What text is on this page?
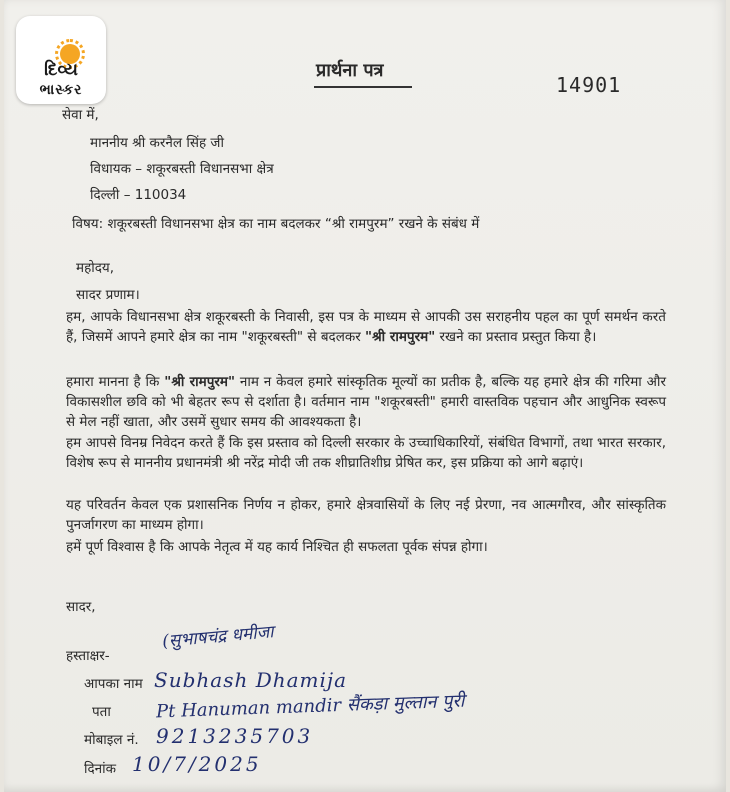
દિવ્ય
ભાસ્કર
प्रार्थना पत्र
14901
सेवा में,
माननीय श्री करनैल सिंह जी
विधायक – शकूरबस्ती विधानसभा क्षेत्र
दिल्ली – 110034
विषय: शकूरबस्ती विधानसभा क्षेत्र का नाम बदलकर “श्री रामपुरम” रखने के संबंध में
महोदय,
सादर प्रणाम।
हम, आपके विधानसभा क्षेत्र शकूरबस्ती के निवासी, इस पत्र के माध्यम से आपकी उस सराहनीय पहल का पूर्ण समर्थन करते हैं, जिसमें आपने हमारे क्षेत्र का नाम "शकूरबस्ती" से बदलकर "श्री रामपुरम" रखने का प्रस्ताव प्रस्तुत किया है।
हमारा मानना है कि "श्री रामपुरम" नाम न केवल हमारे सांस्कृतिक मूल्यों का प्रतीक है, बल्कि यह हमारे क्षेत्र की गरिमा और विकासशील छवि को भी बेहतर रूप से दर्शाता है। वर्तमान नाम "शकूरबस्ती" हमारी वास्तविक पहचान और आधुनिक स्वरूप से मेल नहीं खाता, और उसमें सुधार समय की आवश्यकता है।
हम आपसे विनम्र निवेदन करते हैं कि इस प्रस्ताव को दिल्ली सरकार के उच्चाधिकारियों, संबंधित विभागों, तथा भारत सरकार, विशेष रूप से माननीय प्रधानमंत्री श्री नरेंद्र मोदी जी तक शीघ्रातिशीघ्र प्रेषित कर, इस प्रक्रिया को आगे बढ़ाएं।
यह परिवर्तन केवल एक प्रशासनिक निर्णय न होकर, हमारे क्षेत्रवासियों के लिए नई प्रेरणा, नव आत्मगौरव, और सांस्कृतिक पुनर्जागरण का माध्यम होगा।
हमें पूर्ण विश्वास है कि आपके नेतृत्व में यह कार्य निश्चित ही सफलता पूर्वक संपन्न होगा।
सादर,
हस्ताक्षर-
आपका नाम
पता
मोबाइल नं.
दिनांक
(सुभाषचंद्र धमीजा
Subhash Dhamija
Pt Hanuman mandir सैंकड़ा मुल्तान पुरी
9213235703
10/7/2025
